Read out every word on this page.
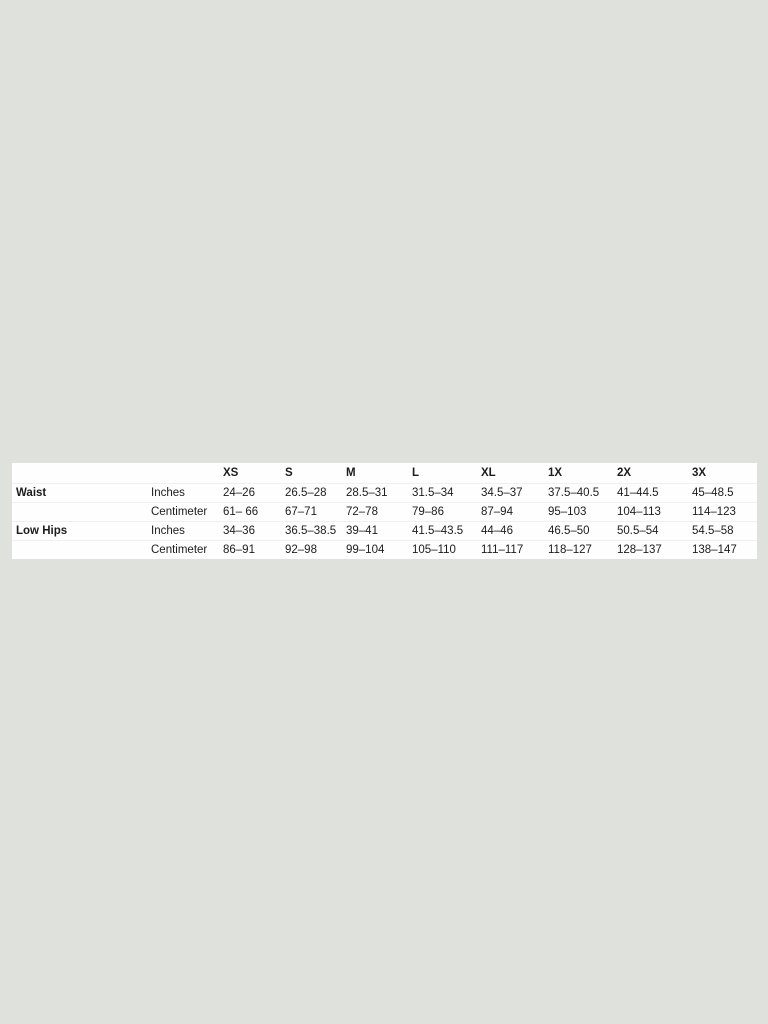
		XS	S	M	L	XL	1X	2X	3X
Waist	Inches	24–26	26.5–28	28.5–31	31.5–34	34.5–37	37.5–40.5	41–44.5	45–48.5
	Centimeter	61– 66	67–71	72–78	79–86	87–94	95–103	104–113	114–123
Low Hips	Inches	34–36	36.5–38.5	39–41	41.5–43.5	44–46	46.5–50	50.5–54	54.5–58
	Centimeter	86–91	92–98	99–104	105–110	111–117	118–127	128–137	138–147
